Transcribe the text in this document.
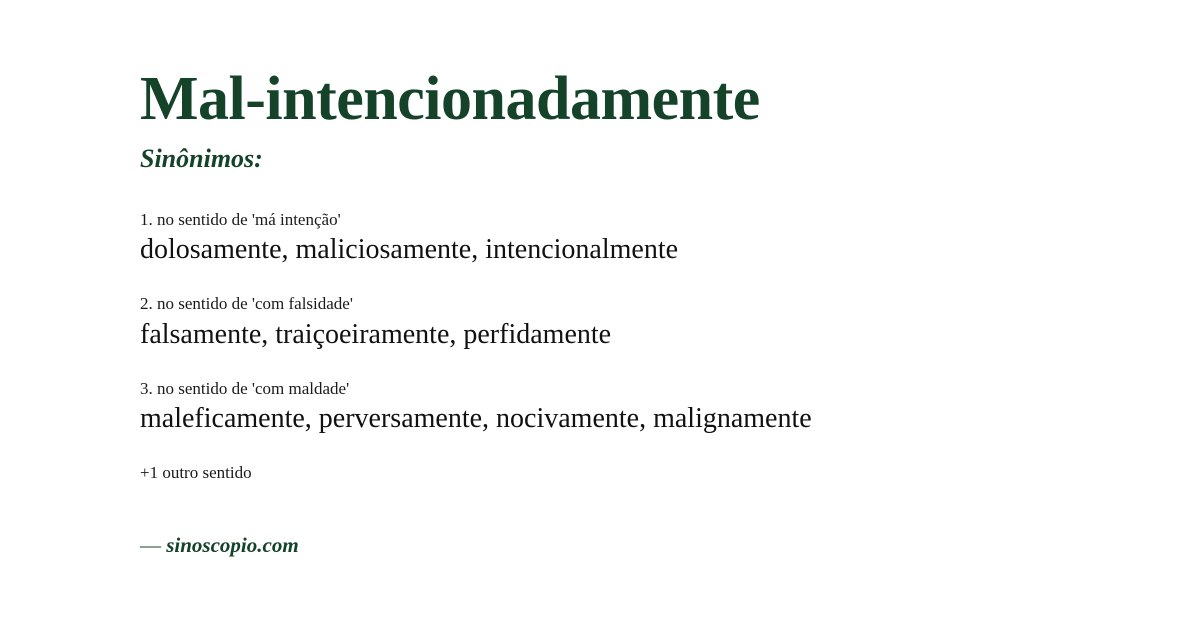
Mal-intencionadamente
Sinônimos:
1. no sentido de 'má intenção'
dolosamente, maliciosamente, intencionalmente
2. no sentido de 'com falsidade'
falsamente, traiçoeiramente, perfidamente
3. no sentido de 'com maldade'
maleficamente, perversamente, nocivamente, malignamente
+1 outro sentido
— sinoscopio.com
